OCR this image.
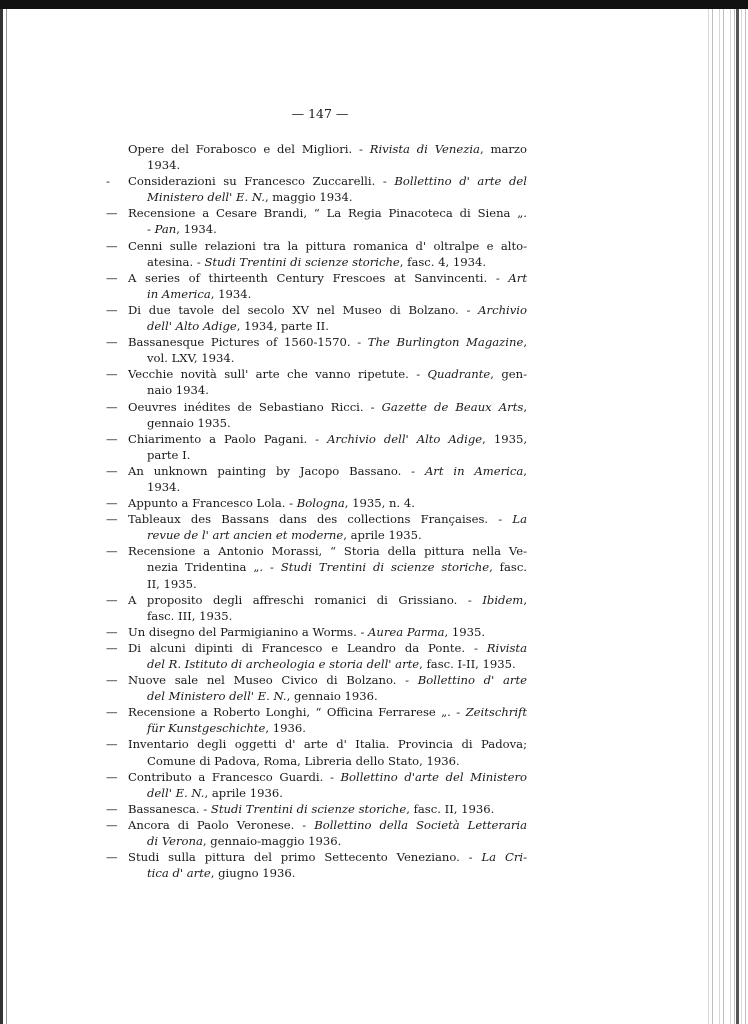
— 147 —
Opere del Forabosco e del Migliori. - Rivista di Venezia, marzo
1934.
-	Considerazioni su Francesco Zuccarelli. - Bollettino d' arte del
Ministero dell' E. N., maggio 1934.
— Recensione a Cesare Brandi, “ La Regia Pinacoteca di Siena „.
- Pan, 1934.
— Cenni sulle relazioni tra la pittura romanica d' oltralpe e alto-
atesina. - Studi Trentini di scienze storiche, fasc. 4, 1934.
— A series of thirteenth Century Frescoes at Sanvincenti. - Art
in America, 1934.
— Di due tavole del secolo XV nel Museo di Bolzano. - Archivio
dell' Alto Adige, 1934, parte II.
— Bassanesque Pictures of 1560-1570. - The Burlington Magazine,
vol. LXV, 1934.
— Vecchie novità sull' arte che vanno ripetute. - Quadrante, gen-
naio 1934.
— Oeuvres inédites de Sebastiano Ricci. - Gazette de Beaux Arts,
gennaio 1935.
— Chiarimento a Paolo Pagani. - Archivio dell' Alto Adige, 1935,
parte I.
— An unknown painting by Jacopo Bassano. - Art in America,
1934.
— Appunto a Francesco Lola. - Bologna, 1935, n. 4.
— Tableaux des Bassans dans des collections Françaises. - La
revue de l' art ancien et moderne, aprile 1935.
— Recensione a Antonio Morassi, “ Storia della pittura nella Ve-
nezia Tridentina „. - Studi Trentini di scienze storiche, fasc.
II, 1935.
— A proposito degli affreschi romanici di Grissiano. - Ibidem,
fasc. III, 1935.
— Un disegno del Parmigianino a Worms. - Aurea Parma, 1935.
— Di alcuni dipinti di Francesco e Leandro da Ponte. - Rivista
del R. Istituto di archeologia e storia dell' arte, fasc. I-II, 1935.
— Nuove sale nel Museo Civico di Bolzano. - Bollettino d' arte
del Ministero dell' E. N., gennaio 1936.
— Recensione a Roberto Longhi, “ Officina Ferrarese „. - Zeitschrift
für Kunstgeschichte, 1936.
— Inventario degli oggetti d' arte d' Italia. Provincia di Padova;
Comune di Padova, Roma, Libreria dello Stato, 1936.
— Contributo a Francesco Guardi. - Bollettino d'arte del Ministero
dell' E. N., aprile 1936.
— Bassanesca. - Studi Trentini di scienze storiche, fasc. II, 1936.
— Ancora di Paolo Veronese. - Bollettino della Società Letteraria
di Verona, gennaio-maggio 1936.
— Studi sulla pittura del primo Settecento Veneziano. - La Cri-
tica d' arte, giugno 1936.
